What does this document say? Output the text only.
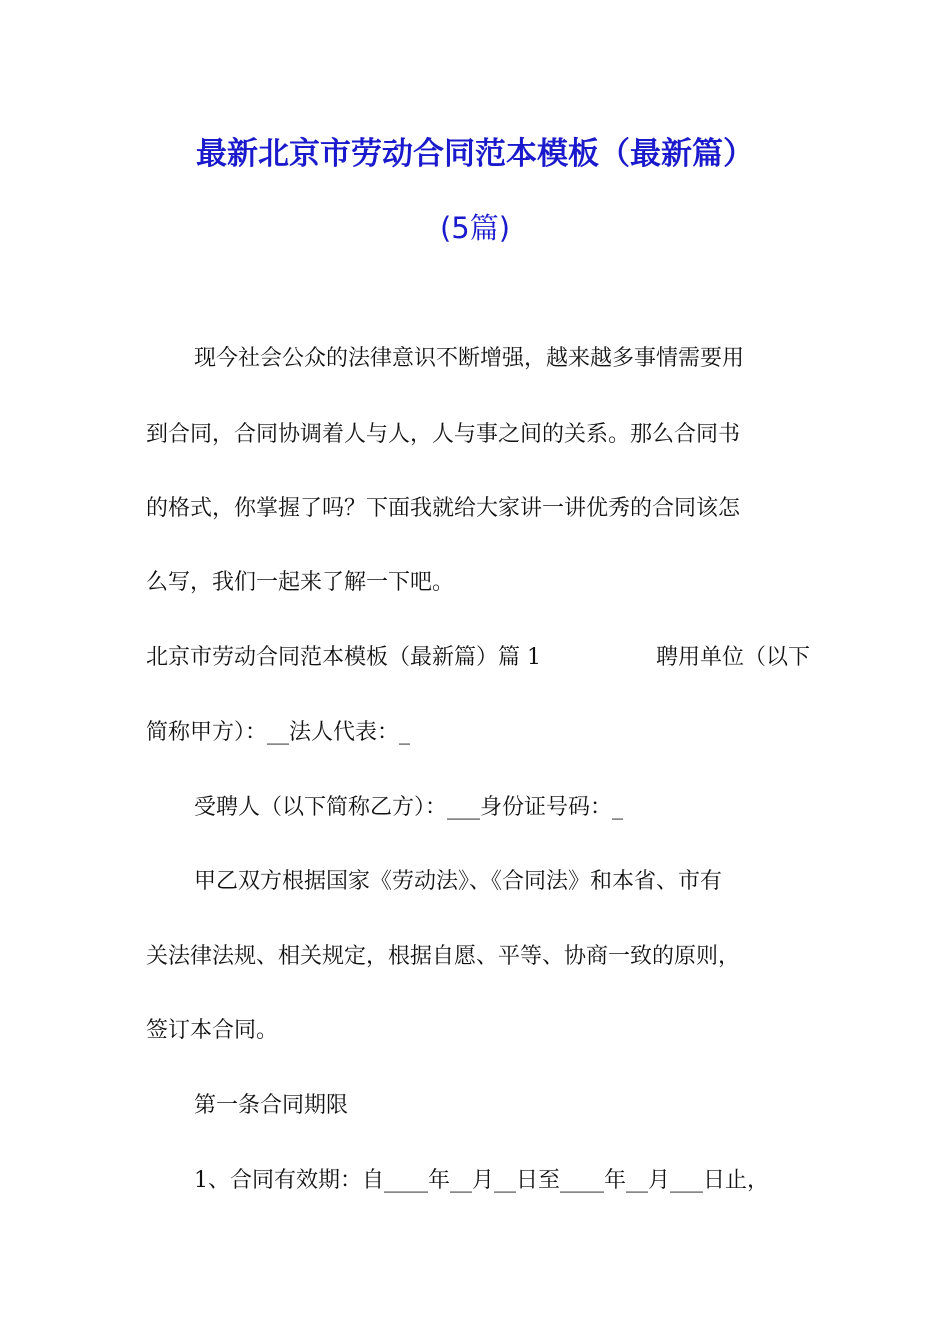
最新北京市劳动合同范本模板（最新篇）
(5篇)

现今社会公众的法律意识不断增强，越来越多事情需要用

到合同，合同协调着人与人，人与事之间的关系。那么合同书

的格式，你掌握了吗？下面我就给大家讲一讲优秀的合同该怎

么写，我们一起来了解一下吧。

北京市劳动合同范本模板（最新篇）篇 1	聘用单位（以下

简称甲方）：__法人代表：_

受聘人（以下简称乙方）：___身份证号码：_

甲乙双方根据国家《劳动法》、《合同法》和本省、市有

关法律法规、相关规定，根据自愿、平等、协商一致的原则，

签订本合同。

第一条合同期限

1、合同有效期：自____年__月__日至____年__月___日止，
